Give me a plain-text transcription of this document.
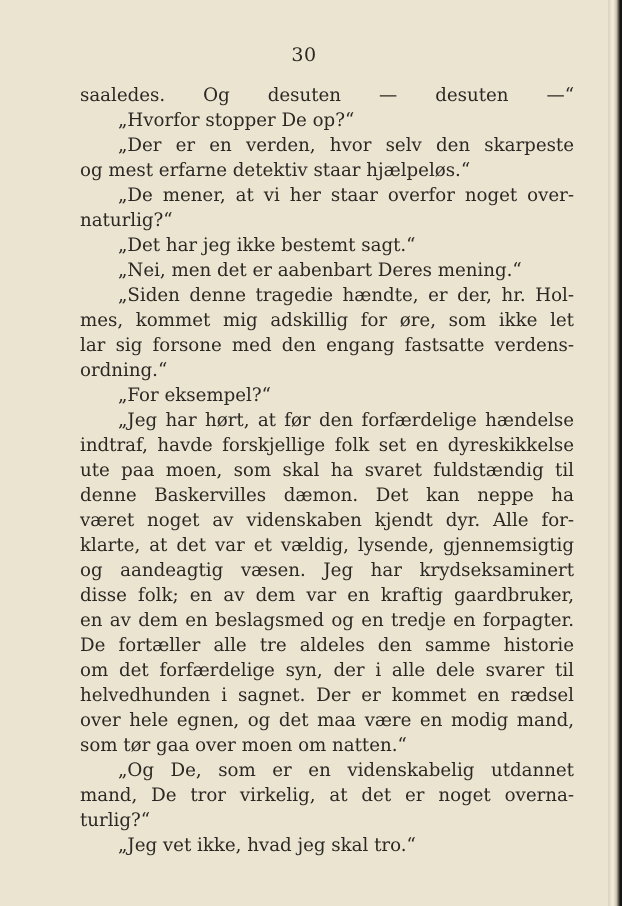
30
saaledes. Og desuten — desuten —“
„Hvorfor stopper De op?“
„Der er en verden, hvor selv den skarpeste
og mest erfarne detektiv staar hjælpeløs.“
„De mener, at vi her staar overfor noget over-
naturlig?“
„Det har jeg ikke bestemt sagt.“
„Nei, men det er aabenbart Deres mening.“
„Siden denne tragedie hændte, er der, hr. Hol-
mes, kommet mig adskillig for øre, som ikke let
lar sig forsone med den engang fastsatte verdens-
ordning.“
„For eksempel?“
„Jeg har hørt, at før den forfærdelige hændelse
indtraf, havde forskjellige folk set en dyreskikkelse
ute paa moen, som skal ha svaret fuldstændig til
denne Baskervilles dæmon. Det kan neppe ha
været noget av videnskaben kjendt dyr. Alle for-
klarte, at det var et vældig, lysende, gjennemsigtig
og aandeagtig væsen. Jeg har krydseksaminert
disse folk; en av dem var en kraftig gaardbruker,
en av dem en beslagsmed og en tredje en forpagter.
De fortæller alle tre aldeles den samme historie
om det forfærdelige syn, der i alle dele svarer til
helvedhunden i sagnet. Der er kommet en rædsel
over hele egnen, og det maa være en modig mand,
som tør gaa over moen om natten.“
„Og De, som er en videnskabelig utdannet
mand, De tror virkelig, at det er noget overna-
turlig?“
„Jeg vet ikke, hvad jeg skal tro.“
